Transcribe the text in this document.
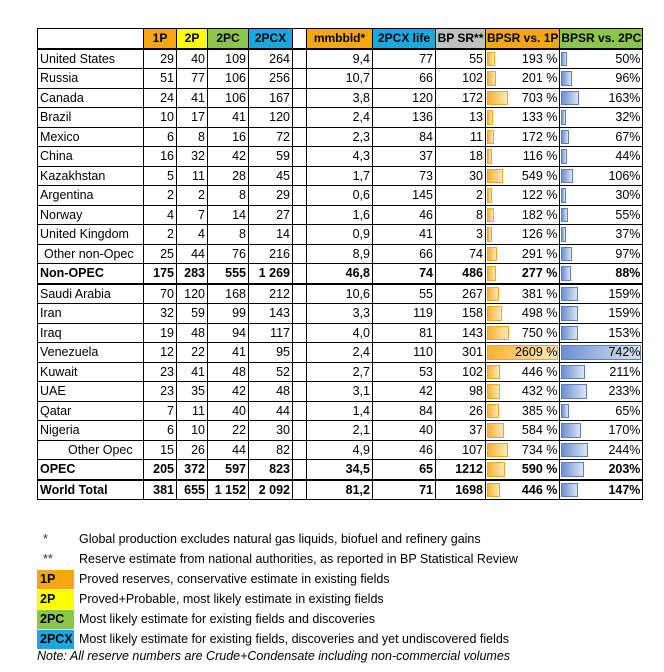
	1P	2P	2PC	2PCX		mmbbld*	2PCX life	BP SR**	BPSR vs. 1P	BPSR vs. 2PC
United States	29	40	109	264		9,4	77	55	193 %	50%
Russia	51	77	106	256		10,7	66	102	201 %	96%
Canada	24	41	106	167		3,8	120	172	703 %	163%
Brazil	10	17	41	120		2,4	136	13	133 %	32%
Mexico	6	8	16	72		2,3	84	11	172 %	67%
China	16	32	42	59		4,3	37	18	116 %	44%
Kazakhstan	5	11	28	45		1,7	73	30	549 %	106%
Argentina	2	2	8	29		0,6	145	2	122 %	30%
Norway	4	7	14	27		1,6	46	8	182 %	55%
United Kingdom	2	4	8	14		0,9	41	3	126 %	37%
Other non-Opec	25	44	76	216		8,9	66	74	291 %	97%
Non-OPEC	175	283	555	1 269		46,8	74	486	277 %	88%
Saudi Arabia	70	120	168	212		10,6	55	267	381 %	159%
Iran	32	59	99	143		3,3	119	158	498 %	159%
Iraq	19	48	94	117		4,0	81	143	750 %	153%
Venezuela	12	22	41	95		2,4	110	301	2609 %	742%
Kuwait	23	41	48	52		2,7	53	102	446 %	211%
UAE	23	35	42	48		3,1	42	98	432 %	233%
Qatar	7	11	40	44		1,4	84	26	385 %	65%
Nigeria	6	10	22	30		2,1	40	37	584 %	170%
Other Opec	15	26	44	82		4,9	46	107	734 %	244%
OPEC	205	372	597	823		34,5	65	1212	590 %	203%
World Total	381	655	1 152	2 092		81,2	71	1698	446 %	147%
*	Global production excludes natural gas liquids, biofuel and refinery gains
**	Reserve estimate from national authorities, as reported in BP Statistical Review
1P	Proved reserves, conservative estimate in existing fields
2P	Proved+Probable, most likely estimate in existing fields
2PC	Most likely estimate for existing fields and discoveries
2PCX Most likely estimate for existing fields, discoveries and yet undiscovered fields
Note: All reserve numbers are Crude+Condensate including non-commercial volumes
